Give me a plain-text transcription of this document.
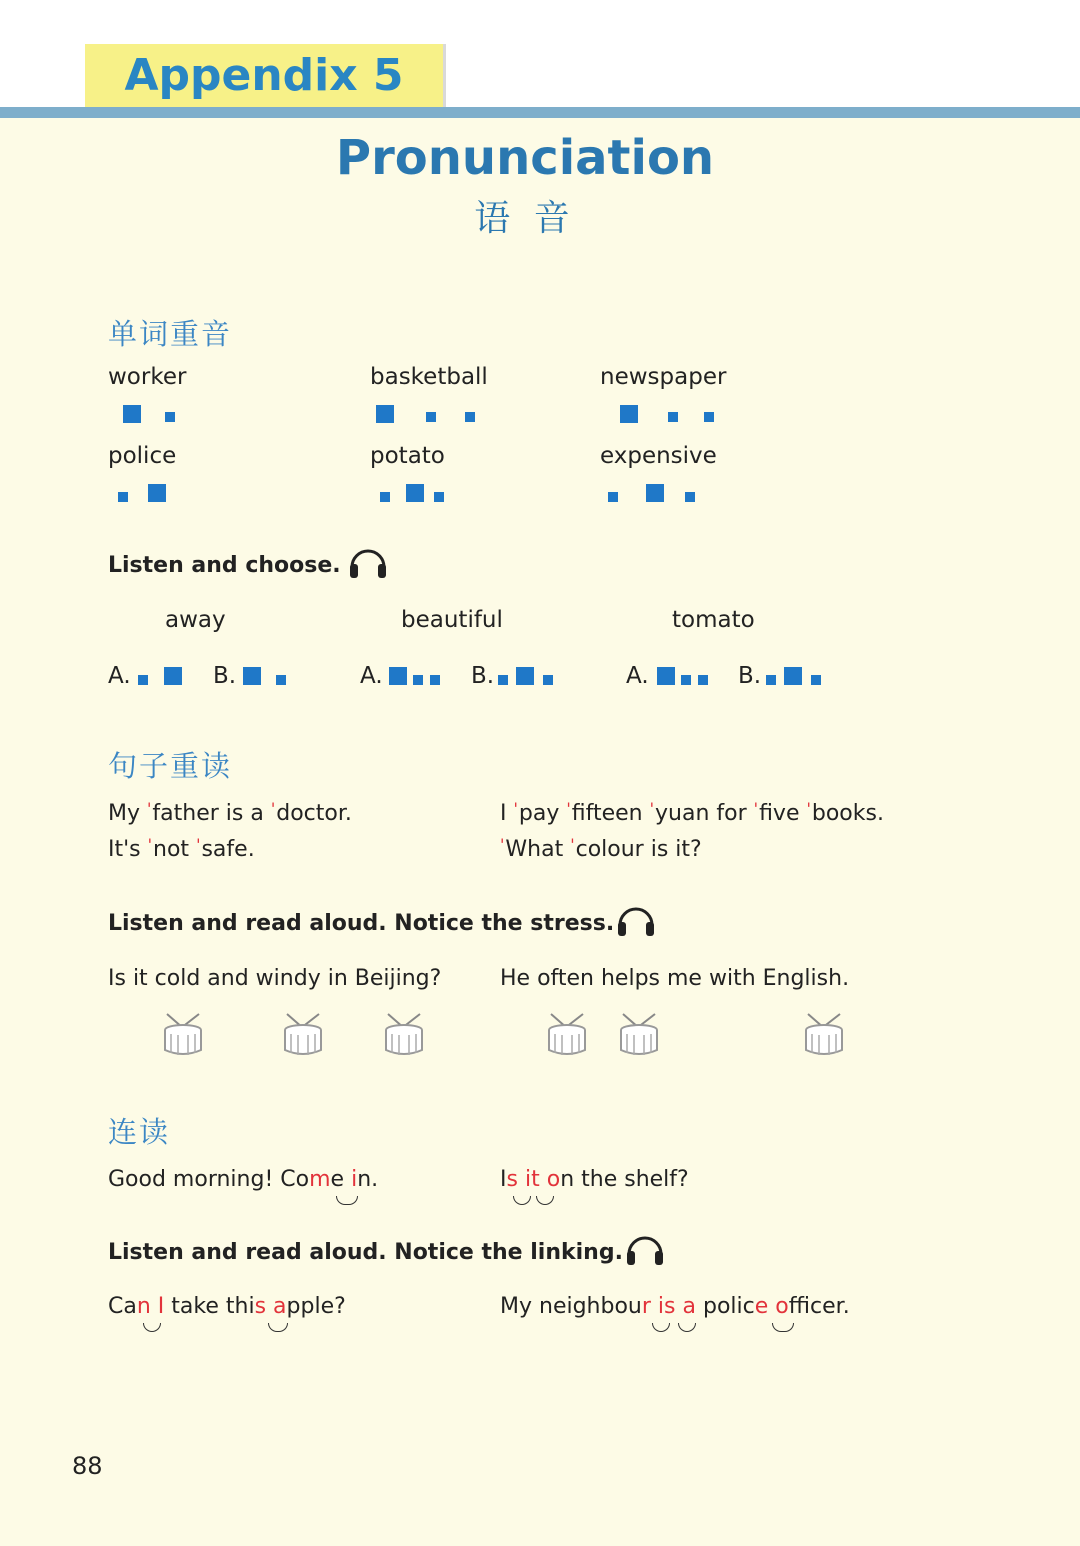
Appendix 5
Pronunciation
语 音
单词重音
worker	basketball	newspaper
police	potato	expensive
Listen and choose.
away	beautiful	tomato
A.	B.	A.	B.	A.	B.
句子重读
My 'father is a 'doctor.
It's 'not 'safe.
I 'pay 'fifteen 'yuan for 'five 'books.
'What 'colour is it?
Listen and read aloud. Notice the stress.
Is it cold and windy in Beijing?	He often helps me with English.
连读
Good morning! Come in.	Is it on the shelf?
Listen and read aloud. Notice the linking.
Can I take this apple?	My neighbour is a police officer.
88
